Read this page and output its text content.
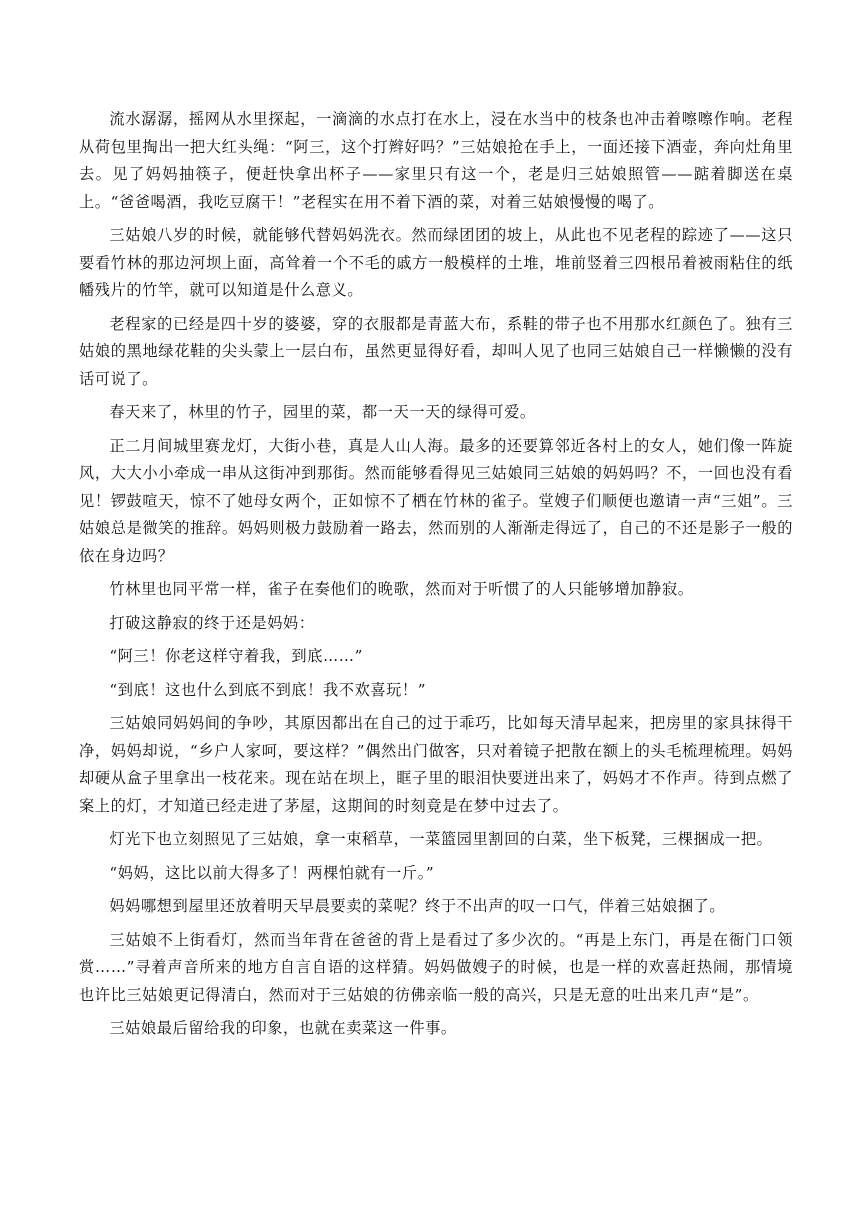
流水潺潺，摇网从水里探起，一滴滴的水点打在水上，浸在水当中的枝条也冲击着嚓嚓作响。老程从荷包里掏出一把大红头绳：“阿三，这个打辫好吗？”三姑娘抢在手上，一面还接下酒壶，奔向灶角里去。见了妈妈抽筷子，便赶快拿出杯子——家里只有这一个，老是归三姑娘照管——踮着脚送在桌上。“爸爸喝酒，我吃豆腐干！”老程实在用不着下酒的菜，对着三姑娘慢慢的喝了。

三姑娘八岁的时候，就能够代替妈妈洗衣。然而绿团团的坡上，从此也不见老程的踪迹了——这只要看竹林的那边河坝上面，高耸着一个不毛的戚方一般模样的土堆，堆前竖着三四根吊着被雨粘住的纸幡残片的竹竿，就可以知道是什么意义。

老程家的已经是四十岁的婆婆，穿的衣服都是青蓝大布，系鞋的带子也不用那水红颜色了。独有三姑娘的黑地绿花鞋的尖头蒙上一层白布，虽然更显得好看，却叫人见了也同三姑娘自己一样懒懒的没有话可说了。

春天来了，林里的竹子，园里的菜，都一天一天的绿得可爱。

正二月间城里赛龙灯，大街小巷，真是人山人海。最多的还要算邻近各村上的女人，她们像一阵旋风，大大小小牵成一串从这街冲到那街。然而能够看得见三姑娘同三姑娘的妈妈吗？不，一回也没有看见！锣鼓喧天，惊不了她母女两个，正如惊不了栖在竹林的雀子。堂嫂子们顺便也邀请一声“三姐”。三姑娘总是微笑的推辞。妈妈则极力鼓励着一路去，然而别的人渐渐走得远了，自己的不还是影子一般的依在身边吗？

竹林里也同平常一样，雀子在奏他们的晚歌，然而对于听惯了的人只能够增加静寂。

打破这静寂的终于还是妈妈：

“阿三！你老这样守着我，到底……”

“到底！这也什么到底不到底！我不欢喜玩！”

三姑娘同妈妈间的争吵，其原因都出在自己的过于乖巧，比如每天清早起来，把房里的家具抹得干净，妈妈却说，“乡户人家呵，要这样？”偶然出门做客，只对着镜子把散在额上的头毛梳理梳理。妈妈却硬从盒子里拿出一枝花来。现在站在坝上，眶子里的眼泪快要迸出来了，妈妈才不作声。待到点燃了案上的灯，才知道已经走进了茅屋，这期间的时刻竟是在梦中过去了。

灯光下也立刻照见了三姑娘，拿一束稻草，一菜篮园里割回的白菜，坐下板凳，三棵捆成一把。

“妈妈，这比以前大得多了！两棵怕就有一斤。”

妈妈哪想到屋里还放着明天早晨要卖的菜呢？终于不出声的叹一口气，伴着三姑娘捆了。

三姑娘不上街看灯，然而当年背在爸爸的背上是看过了多少次的。“再是上东门，再是在衙门口领赏……”寻着声音所来的地方自言自语的这样猜。妈妈做嫂子的时候，也是一样的欢喜赶热闹，那情境也许比三姑娘更记得清白，然而对于三姑娘的彷佛亲临一般的高兴，只是无意的吐出来几声“是”。

三姑娘最后留给我的印象，也就在卖菜这一件事。
